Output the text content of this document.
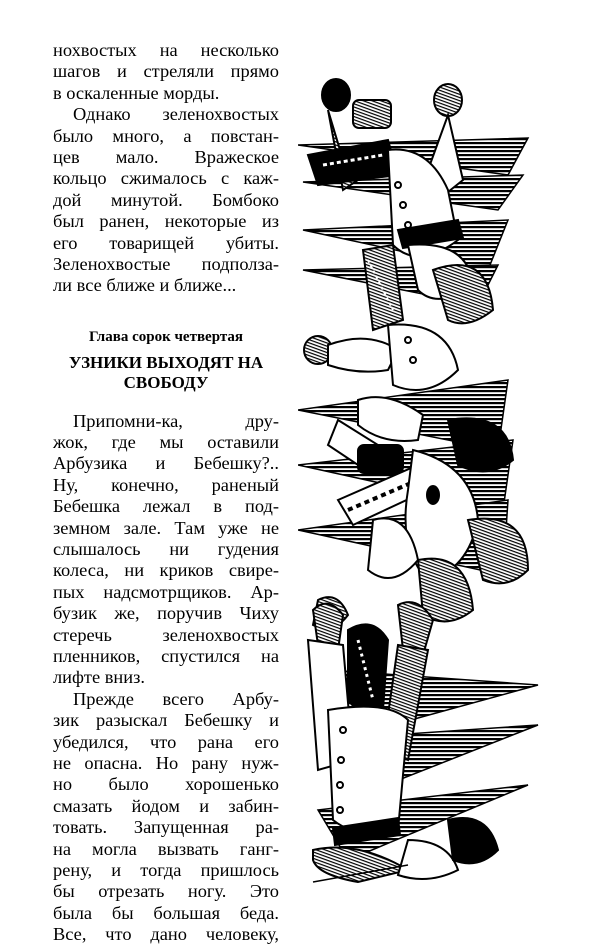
нохвостых на несколько
шагов и стреляли прямо
в оскаленные морды.
Однако зеленохвостых
было много, а повстан-
цев мало. Вражеское
кольцо сжималось с каж-
дой минутой. Бомбоко
был ранен, некоторые из
его товарищей убиты.
Зеленохвостые подполза-
ли все ближе и ближе...

Глава сорок четвертая

УЗНИКИ ВЫХОДЯТ НА

СВОБОДУ

Припомни-ка, дру-
жок, где мы оставили
Арбузика и Бебешку?..
Ну, конечно, раненый
Бебешка лежал в под-
земном зале. Там уже не
слышалось ни гудения
колеса, ни криков свире-
пых надсмотрщиков. Ар-
бузик же, поручив Чиху
стеречь зеленохвостых
пленников, спустился на
лифте вниз.
Прежде всего Арбу-
зик разыскал Бебешку и
убедился, что рана его
не опасна. Но рану нуж-
но было хорошенько
смазать йодом и забин-
товать. Запущенная ра-
на могла вызвать ганг-
рену, и тогда пришлось
бы отрезать ногу. Это
была бы большая беда.
Все, что дано человеку,
